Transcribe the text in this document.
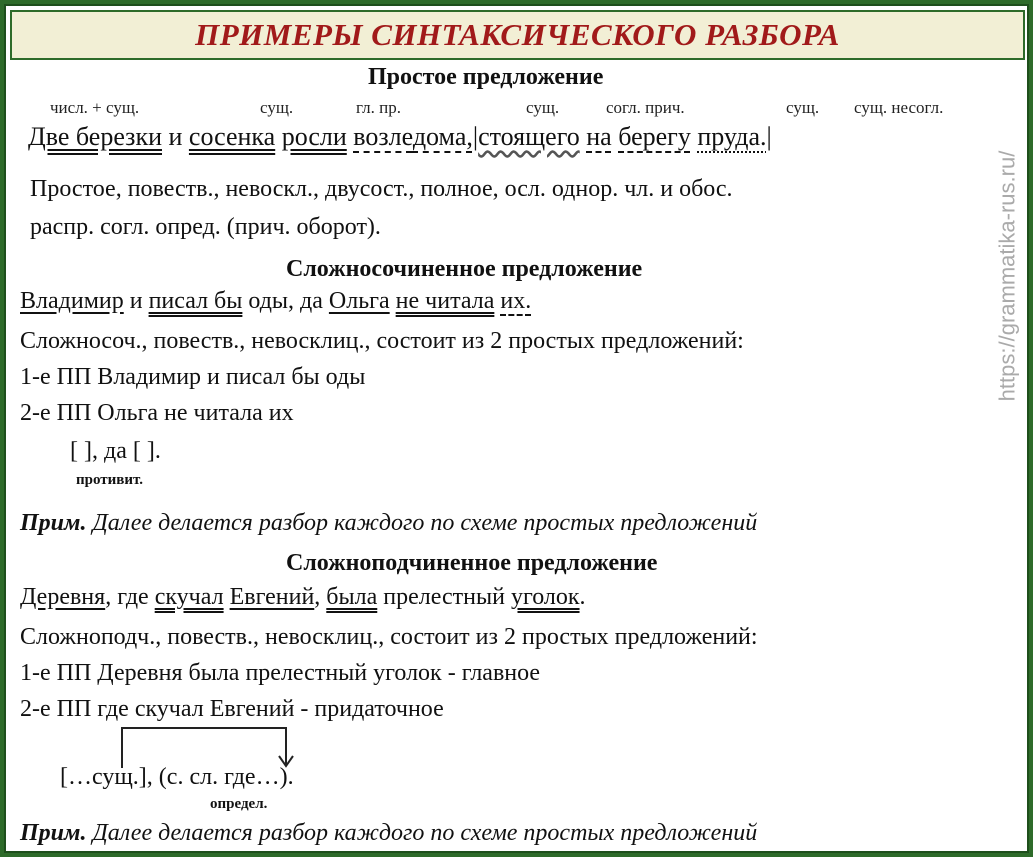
ПРИМЕРЫ СИНТАКСИЧЕСКОГО РАЗБОРА
https://grammatika-rus.ru/
Простое предложение
числ. + сущ.	сущ.	гл. пр.	сущ.	согл. прич.	сущ. сущ. несогл.
Две березки и сосенка росли возледома,|стоящего на берегу пруда.|
Простое, повеств., невоскл., двусост., полное, осл. однор. чл. и обос.
распр. согл. опред. (прич. оборот).
Сложносочиненное предложение
Владимир и писал бы оды, да Ольга не читала их.
Сложносоч., повеств., невосклиц., состоит из 2 простых предложений:
1-е ПП Владимир и писал бы оды
2-е ПП Ольга не читала их
[ ], да [ ].
противит.
Прим. Далее делается разбор каждого по схеме простых предложений
Сложноподчиненное предложение
Деревня, где скучал Евгений, была прелестный уголок.
Сложноподч., повеств., невосклиц., состоит из 2 простых предложений:
1-е ПП Деревня была прелестный уголок - главное
2-е ПП где скучал Евгений - придаточное
[…сущ.], (с. сл. где…).
определ.
Прим. Далее делается разбор каждого по схеме простых предложений
